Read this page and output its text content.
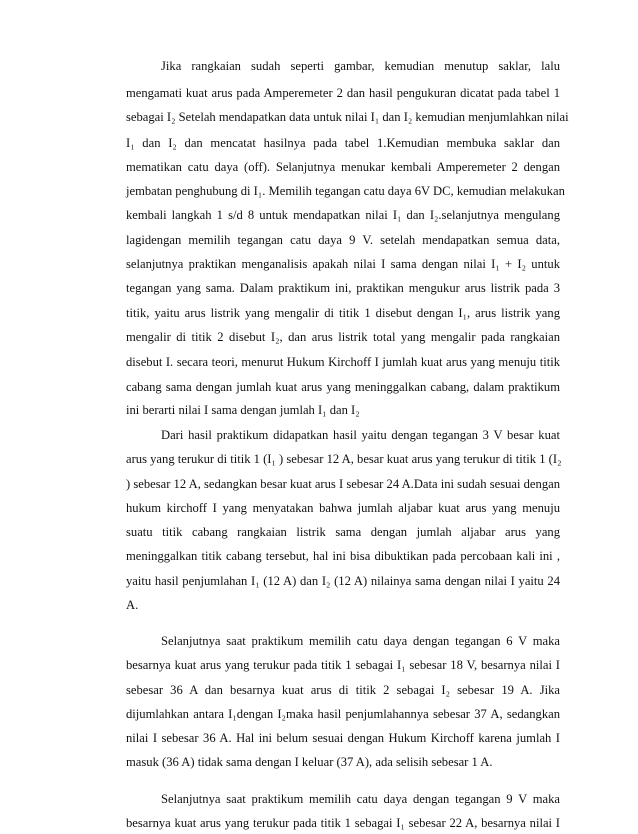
Jika rangkaian sudah seperti gambar, kemudian menutup saklar, lalu
mengamati kuat arus pada Amperemeter 2 dan hasil pengukuran dicatat pada tabel 1
sebagai I₂ Setelah mendapatkan data untuk nilai I₁ dan I₂ kemudian menjumlahkan nilai
I₁ dan I₂ dan mencatat hasilnya pada tabel 1.Kemudian membuka saklar dan
mematikan catu daya (off). Selanjutnya menukar kembali Amperemeter 2 dengan
jembatan penghubung di I₁. Memilih tegangan catu daya 6V DC, kemudian melakukan
kembali langkah 1 s/d 8 untuk mendapatkan nilai I₁ dan I₂.selanjutnya mengulang
lagidengan memilih tegangan catu daya 9 V. setelah mendapatkan semua data,
selanjutnya praktikan menganalisis apakah nilai I sama dengan nilai I₁ + I₂ untuk
tegangan yang sama. Dalam praktikum ini, praktikan mengukur arus listrik pada 3
titik, yaitu arus listrik yang mengalir di titik 1 disebut dengan I₁, arus listrik yang
mengalir di titik 2 disebut I₂, dan arus listrik total yang mengalir pada rangkaian
disebut I. secara teori, menurut Hukum Kirchoff I jumlah kuat arus yang menuju titik
cabang sama dengan jumlah kuat arus yang meninggalkan cabang, dalam praktikum
ini berarti nilai I sama dengan jumlah I₁ dan I₂
Dari hasil praktikum didapatkan hasil yaitu dengan tegangan 3 V besar kuat
arus yang terukur di titik 1 (I₁ ) sebesar 12 A, besar kuat arus yang terukur di titik 1 (I₂
) sebesar 12 A, sedangkan besar kuat arus I sebesar 24 A.Data ini sudah sesuai dengan
hukum kirchoff I yang menyatakan bahwa jumlah aljabar kuat arus yang menuju
suatu titik cabang rangkaian listrik sama dengan jumlah aljabar arus yang
meninggalkan titik cabang tersebut, hal ini bisa dibuktikan pada percobaan kali ini ,
yaitu hasil penjumlahan I₁ (12 A) dan I₂ (12 A) nilainya sama dengan nilai I yaitu 24
A.
Selanjutnya saat praktikum memilih catu daya dengan tegangan 6 V maka
besarnya kuat arus yang terukur pada titik 1 sebagai I₁ sebesar 18 V, besarnya nilai I
sebesar 36 A dan besarnya kuat arus di titik 2 sebagai I₂ sebesar 19 A. Jika
dijumlahkan antara I₁dengan I₂maka hasil penjumlahannya sebesar 37 A, sedangkan
nilai I sebesar 36 A. Hal ini belum sesuai dengan Hukum Kirchoff karena jumlah I
masuk (36 A) tidak sama dengan I keluar (37 A), ada selisih sebesar 1 A.
Selanjutnya saat praktikum memilih catu daya dengan tegangan 9 V maka
besarnya kuat arus yang terukur pada titik 1 sebagai I₁ sebesar 22 A, besarnya nilai I
